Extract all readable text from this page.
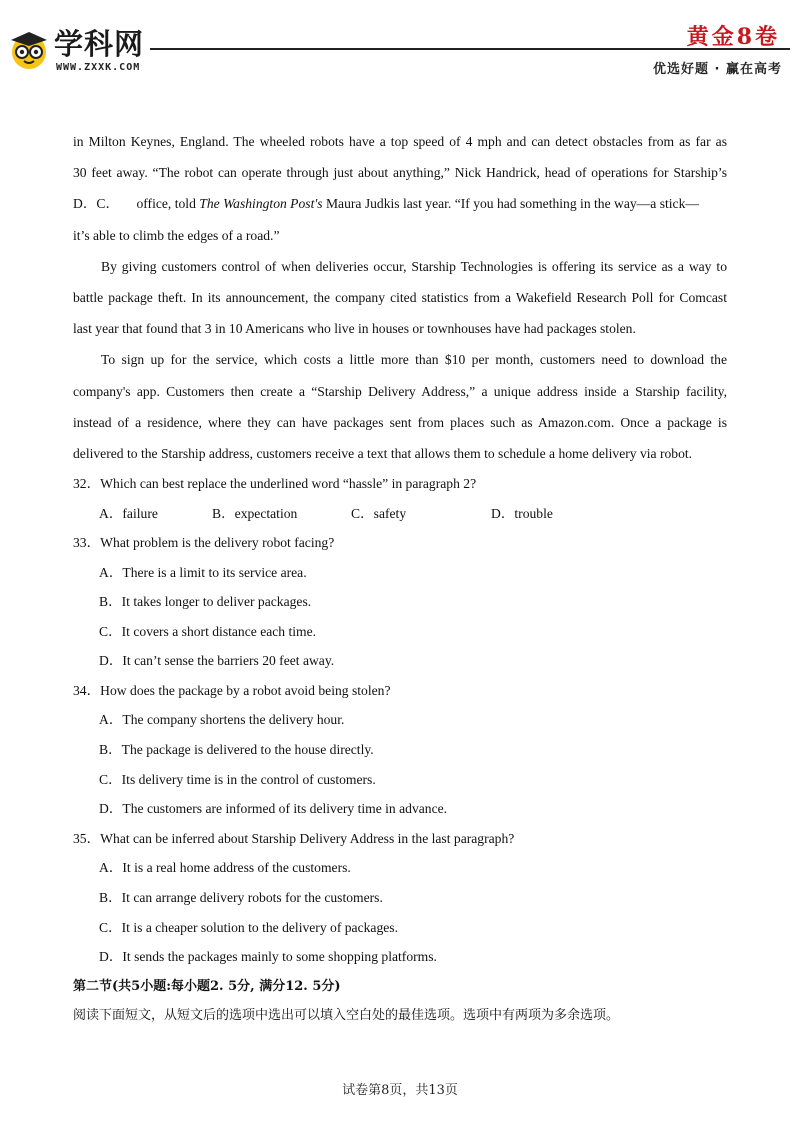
学科网
WWW.ZXXK.COM
黄金8卷
优选好题 · 赢在高考
in Milton Keynes, England. The wheeled robots have a top speed of 4 mph and can detect obstacles from as far as
30 feet away. “The robot can operate through just about anything,” Nick Handrick, head of operations for Starship’s
D．C． office, told The Washington Post's Maura Judkis last year. “If you had something in the way—a stick—
it’s able to climb the edges of a road.”
By giving customers control of when deliveries occur, Starship Technologies is offering its service as a way to
battle package theft. In its announcement, the company cited statistics from a Wakefield Research Poll for Comcast
last year that found that 3 in 10 Americans who live in houses or townhouses have had packages stolen.
To sign up for the service, which costs a little more than $10 per month, customers need to download the
company's app. Customers then create a “Starship Delivery Address,” a unique address inside a Starship facility,
instead of a residence, where they can have packages sent from places such as Amazon.com. Once a package is
delivered to the Starship address, customers receive a text that allows them to schedule a home delivery via robot.
32．Which can best replace the underlined word “hassle” in paragraph 2?
A．failure	B．expectation	C．safety	D．trouble
33．What problem is the delivery robot facing?
A．There is a limit to its service area.
B．It takes longer to deliver packages.
C．It covers a short distance each time.
D．It can’t sense the barriers 20 feet away.
34．How does the package by a robot avoid being stolen?
A．The company shortens the delivery hour.
B．The package is delivered to the house directly.
C．Its delivery time is in the control of customers.
D．The customers are informed of its delivery time in advance.
35．What can be inferred about Starship Delivery Address in the last paragraph?
A．It is a real home address of the customers.
B．It can arrange delivery robots for the customers.
C．It is a cheaper solution to the delivery of packages.
D．It sends the packages mainly to some shopping platforms.
第二节(共5小题:每小题2. 5分, 满分12. 5分)
阅读下面短文，从短文后的选项中选出可以填入空白处的最佳选项。选项中有两项为多余选项。
试卷第8页，共13页
